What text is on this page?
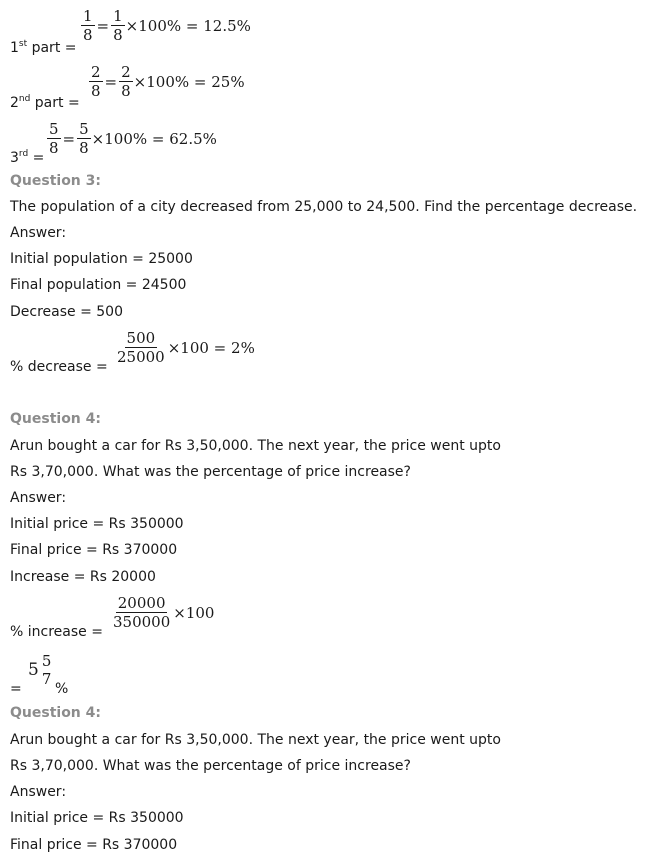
1st part =
$\frac{1}{8} = \frac{1}{8} \times 100\% = 12.5\%$
2nd part =
$\frac{2}{8} = \frac{2}{8} \times 100\% = 25\%$
3rd =
$\frac{5}{8} = \frac{5}{8} \times 100\% = 62.5\%$
Question 3:
The population of a city decreased from 25,000 to 24,500. Find the percentage decrease.
Answer:
Initial population = 25000
Final population = 24500
Decrease = 500
% decrease =
$\frac{500}{25000} \times 100 = 2\%$
Question 4:
Arun bought a car for Rs 3,50,000. The next year, the price went upto
Rs 3,70,000. What was the percentage of price increase?
Answer:
Initial price = Rs 350000
Final price = Rs 370000
Increase = Rs 20000
% increase =
$\frac{20000}{350000} \times 100$
=
5 5
7
%
Question 4:
Arun bought a car for Rs 3,50,000. The next year, the price went upto
Rs 3,70,000. What was the percentage of price increase?
Answer:
Initial price = Rs 350000
Final price = Rs 370000
